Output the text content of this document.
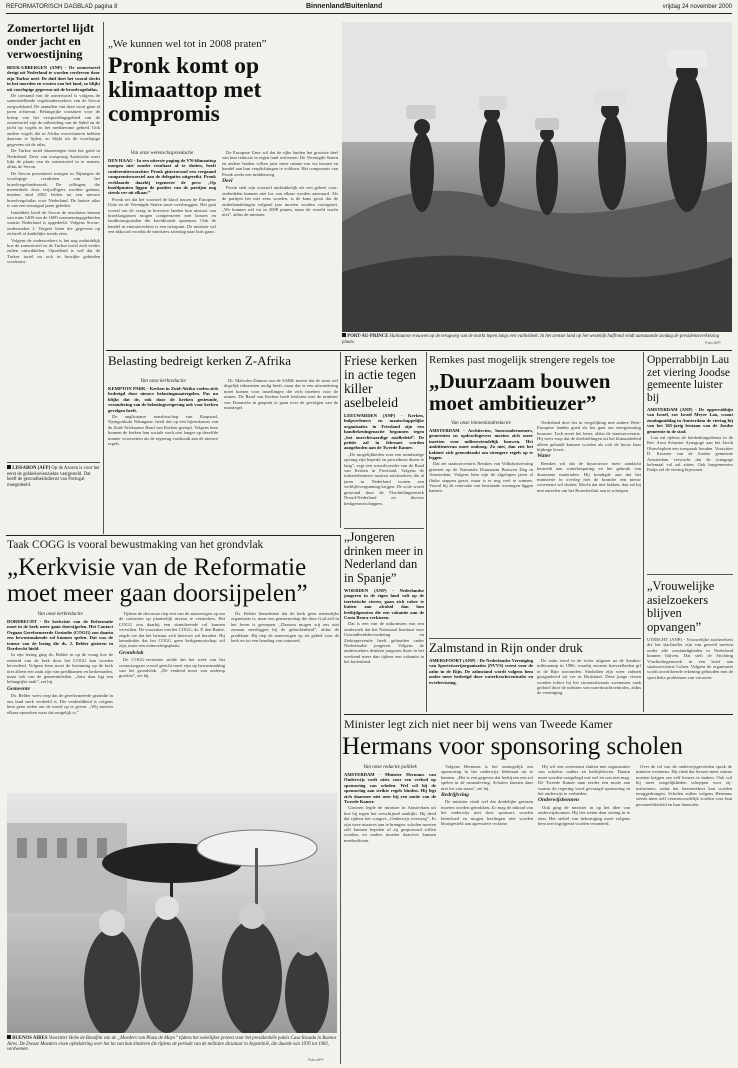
REFORMATORISCH DAGBLAD pagina 8	Binnenland/Buitenland	vrijdag 24 november 2000
Zomertortel lijdt onder jacht en verwoestijning

BEEK-UBBERGEN (ANP) - De zomertortel dreigt uit Nederland te worden verdreven door zijn Turkse neef. De duif doet het vooral slecht in het noorden en westen van het land, zo blijkt uit voorlopige gegevens uit de broedvogelatlas.

De toestand van de zomertortel is volgens de samenstellende vogelonderzoekers van de Sovon zorgwekkend. De aantallen van deze soort gaan al jaren achteruit. Belangrijke oorzaken voor de krimp van het verspreidingsgebied van de zomertortel zijn de uitbreiding van de Sahel en de jacht op vogels in het mediterrane gebied. Ook andere vogels die in Afrika overwinteren hebben daarvan te lijden, zo blijkt uit de voorlopige gegevens uit de atlas.

De Turkse tortel daarentegen doet het goed in Nederland. Deze van oorsprong Aziatische soort lijkt de plaats van de zomertortel in te nemen, aldus de Sovon.

De Sovon presenteert morgen in Nijmegen de voorlopige resultaten van het broedvogelonderzoek. De tellingen, die merendeels door vrijwilligers worden gedaan, moeten eind 2002 leiden tot een nieuwe broedvogelatlas voor Nederland. De laatste atlas is van een twintigtal jaren geleden.

Inmiddels heeft de Sovon de resultaten binnen van ruim 1400 van de 1600 waarnemingsgebieden waarin Nederland is opgedeeld. Volgens Sovon-onderzoeker J. Vergeer laten die gegevens op zichzelf al duidelijke trends zien.

Volgens de onderzoekers is het nog onduidelijk hoe de zomertortel en de Turkse tortel zich verder zullen ontwikkelen. Opvallend is wel dat de Turkse tortel nu ook in bosrijke gebieden voorkomt.

LISSABON (AFP) Op de Azoren is voor het eerst de gekkekoeienziekte vastgesteld. Dat heeft de gezondheidsdienst van Portugal meegedeeld.
„We kunnen wel tot in 2008 praten”
Pronk komt op klimaattop met compromis
Van onze wetenschapsredactie

DEN HAAG - In een uiterste poging de VN-klimaattop morgen niet zonder resultaat af te sluiten, heeft conferentievoorzitter Pronk gisteravond een vergaand compromisvoorstel aan de delegaties uitgereikt. Pronk verklaarde daarbij tegenover de pers: „Op hoofdpunten liggen de posities van de partijen nog steeds ver uit elkaar.”

Pronk zei dat het voorstel de kloof tussen de Europese Unie en de Verenigde Staten moet overbruggen. Het gaat vooral om de vraag in hoeverre landen hun uitstoot van broeikasgassen mogen compenseren met bossen en landbouwgronden die kooldioxide opnemen. Ook de handel in emissierechten is een twistpunt. De minister wil een akkoord voordat de ministers zaterdag naar huis gaan.

De Europese Unie wil dat de rijke landen het grootste deel van hun reductie in eigen land realiseren. De Verenigde Staten en andere landen willen juist meer ruimte om via bossen en handel aan hun verplichtingen te voldoen. Het compromis van Pronk zoekt een middenweg.

Deel

Pronk stelt zijn voorstel uitdrukkelijk als een geheel voor: onderdelen kunnen niet los van elkaar worden aanvaard. Als de partijen het niet eens worden, is de kans groot dat de onderhandelingen volgend jaar moeten worden voortgezet. „We kunnen wel tot in 2008 praten, maar de wereld wacht niet”, aldus de minister.

PORT-AU-PRINCE Haïtiaanse vrouwen op de terugweg van de markt lopen langs een vuilnisbelt. In het armste land op het westelijk halfrond vindt aanstaande zondag de presidentsverkiezing plaats.	Foto AFP
Belasting bedreigt kerken Z-Afrika
Van onze kerkredactie

KEMPTON PARK - Kerken in Zuid-Afrika voelen zich bedreigd door nieuwe belastingmaatregelen. Pas nu blijkt dat de, ook door de kerken gesteunde, verandering van de belastingwetgeving ook voor kerken gevolgen heeft.

De anglicaanse aartsbisschop van Kaapstad, Njongonkulu Ndungane, heeft dat op een bijeenkomst van de Zuid-Afrikaanse Raad van Kerken gezegd. Volgens hem kunnen de kerken hun sociale werk niet langer op dezelfde manier voortzetten als de regering vasthoudt aan de nieuwe regels.

Dr. Malcolm Damon van de SARK meent dat de staat wel degelijk inkomsten nodig heeft, maar dat er een uitzondering moet komen voor instellingen die zich inzetten voor de armen. De Raad van Kerken heeft besloten met de minister van Financiën in gesprek te gaan over de gevolgen van de maatregel.

Friese kerken in actie tegen killer aselbeleid

LEEUWARDEN (ANP) - Kerken, hulpverleners en maatschappelijke organisaties in Friesland zijn een handtekeningenactie begonnen tegen „het onrechtvaardige asielbeleid”. De petitie zal in februari worden aangeboden aan de Tweede Kamer.

„De mogelijkheden voor een ruimhartige opvang zijn beperkt en procedures duren te lang”, zegt een woordvoerder van de Raad van Kerken in Friesland. Volgens de initiatiefnemers moeten asielzoekers die al jaren in Nederland wonen een verblijfsvergunning krijgen. De actie wordt gesteund door de Vluchtelingenwerk Noord-Nederland en diverse kerkgenootschappen.

Remkes past mogelijk strengere regels toe
„Duurzaam bouwen moet ambitieuzer”
Van onze binnenlandredactie

AMSTERDAM - Architecten, bouwondernemers, gemeenten en opdrachtgevers moeten zich meer inzetten voor milieuvriendelijk bouwen. Het ambitieniveau moet omhoog. Zo niet, dan ziet het kabinet zich genoodzaakt om strengere regels op te leggen.

Dat zei staatssecretaris Remkes van Volkshuisvesting gisteren op de Nationale Duurzaam Bouwen Dag in Amsterdam. Volgens hem zijn de afgelopen jaren al flinke stappen gezet, maar is er nog veel te winnen. Vooral bij de renovatie van bestaande woningen liggen kansen.

Nederland doet het in vergelijking met andere West-Europese landen goed als het gaat om energiezuinig bouwen. Toch moet het beter, aldus de staatssecretaris. Hij wees erop dat de doelstellingen uit het klimaatbeleid alleen gehaald kunnen worden als ook de bouw haar bijdrage levert.

Water

Remkes wil dat de bouwsector meer aandacht besteedt aan waterbesparing en het gebruik van duurzame materialen. Hij kondigde aan dat het ministerie in overleg met de branche een nieuw convenant wil sluiten. Mocht dat niet lukken, dan zal hij niet aarzelen om het Bouwbesluit aan te scherpen.

Opperrabbijn Lau zet viering Joodse gemeente luister bij

AMSTERDAM (ANP) - De opperrabbijn van Israël, rav Israël Meyer Lau, woont zondagmiddag in Amsterdam de viering bij van het 365-jarig bestaan van de Joodse gemeente in de stad.

Lau zal tijdens de herdenkingsdienst in de Rav Aron Schuster Synagoge aan het Jacob Obrechtplein een toespraak houden. Voorzitter D. Kessner van de Joodse gemeente Amsterdam verwacht dat de synagoge helemaal vol zal zitten. Ook burgemeester Patijn zal de viering bijwonen.

„Vrouwelijke asielzoekers blijven opvangen”

UTRECHT (ANP) - Vrouwelijke asielzoekers die het slachtoffer zijn van geweld moeten onder alle omstandigheden in Nederland kunnen blijven. Dat stelt de Stichting Vluchtelingenwerk in een brief aan staatssecretaris Cohen. Volgens de organisatie wordt onvoldoende rekening gehouden met de specifieke problemen van vrouwen.

„Jongeren drinken meer in Nederland dan in Spanje”

WOERDEN (ANP) - Nederlandse jongeren in de eigen land valt op de toeristische vieren, gaan zich vaker te buiten aan alcohol dan hun leeftijdgenoten die een vakantie aan de Costa Brava verkiezen.

Dat is een van de uitkomsten van een onderzoek dat het Nationaal Instituut voor Gezondheidsbevordering en Ziektepreventie heeft gehouden onder Nederlandse jongeren. Volgens de onderzoekers drinken jongeren thuis in het weekend meer dan tijdens een vakantie in het buitenland.

Zalmstand in Rijn onder druk

AMERSFOORT (ANP) - De Nederlandse Vereniging van Sportvisserijorganisaties (NVVS) vreest voor de zalm in de Rijn. De zalmstand wordt volgens hem onder meer bedreigd door waterkrachtcentrales en overbevissing.

De zalm werd in de rivier uitgezet na de Sandoz-milieuramp in 1986, waarbij enorme hoeveelheden gif in de Rijn stroomden. Sindsdien zijn weer zalmen gesignaleerd tot ver in Duitsland. Deze jonge vissen worden echter bij het stroomafwaarts zwemmen vaak gedood door de turbines van waterkrachtcentrales, aldus de vereniging.

Taak COGG is vooral bewustmaking van het grondvlak
„Kerkvisie van de Reformatie moet meer gaan doorsijpelen”
Van onze kerkredactie

DORDRECHT - De kerkvisie van de Reformatie moet in de kerk meer gaan doorsijpelen. Het Contact Orgaan Gereformeerde Gezindte (COGG) zou daarin een bewustmakende rol kunnen spelen. Dat was de teneur van de lezing die ds. J. Belder gisteren in Dordrecht hield.

In zijn lezing ging ds. Belder in op de vraag hoe de eenheid van de kerk door het COGG kan worden bevorderd. Volgens hem moet de bezinning op de kerk niet alleen een zaak zijn van predikanten en kerkenraden, maar ook van de gemeenteleden. „Juist daar ligt een belangrijke taak”, zei hij.

Gemeente

Ds. Belder wees erop dat de gereformeerde gezindte in ons land sterk verdeeld is. Die verdeeldheid is volgens hem geen reden om de moed op te geven. „Wij moeten elkaar opzoeken waar dat mogelijk is.”

Tijdens de discussie riep een van de aanwezigen op om de contacten op plaatselijk niveau te versterken. Het COGG zou daarbij een stimulerende rol kunnen vervullen. De voorzitter van het COGG, ds. P. den Butter, zegde toe dat het bestuur zich hierover zal beraden. Hij benadrukte dat het COGG geen kerkgenootschap wil zijn, maar een ontmoetingsplaats.

Grondvlak

De COGG-secretaris stelde dat het werk van het contactorgaan vooral gericht moet zijn op bewustmaking van het grondvlak. „De eenheid moet van onderop groeien”, zei hij.

Ds. Belder benadrukte dat de kerk geen menselijke organisatie is, maar een gemeenschap die door God zelf in het leven is geroepen. „Daarom mogen wij ons niet zomaar neerleggen bij de gebrokenheid”, aldus de predikant. Hij riep de aanwezigen op tot gebed voor de kerk en tot een houding van ootmoed.

BUENOS AIRES Voorzitter Hebe de Bonafini van de „Moeders van Plaza de Mayo” tijdens het wekelijkse protest voor het presidentiële paleis Casa Rosada in Buenos Aires. De Dwaze Moeders eisen opheldering over het lot van hun kinderen die tijdens de periode van de militaire dictatuur in Argentinië, die duurde van 1976 tot 1983, verdwenen.
Foto AFP
Minister legt zich niet neer bij wens van Tweede Kamer
Hermans voor sponsoring scholen
Van onze redactie politiek

AMSTERDAM - Minister Hermans van Onderwijs voelt niets voor een verbod op sponsoring van scholen. Wel wil hij de sponsoring aan strikte regels binden. Hij legt zich daarmee niet neer bij een motie van de Tweede Kamer.

Gisteren legde de minister in Amsterdam uit hoe hij tegen het verschijnsel aankijkt. Hij deed dat tijdens het congres „Onderwijs overweg”. Er zijn twee nuances aan te brengen: scholen moeten zelf kunnen bepalen of zij gesponsord willen worden, en ouders moeten daarover kunnen meebeslissen.

Volgens Hermans is het onmogelijk om sponsoring in het onderwijs helemaal uit te bannen. „Het is een gegeven dat bedrijven een rol spelen in de samenleving. Scholen kunnen daar niet los van staan”, zei hij.

Bedrijfsvlag

De minister vindt wel dat duidelijke grenzen moeten worden getrokken. Zo mag de inhoud van het onderwijs niet door sponsors worden beïnvloed en mogen leerlingen niet worden blootgesteld aan agressieve reclame.

Hij wil een convenant sluiten met organisaties van scholen, ouders en bedrijfsleven. Daarin moet worden vastgelegd wat wel en wat niet mag. De Tweede Kamer nam eerder een motie aan waarin de regering werd gevraagd sponsoring in het onderwijs te verbieden.

Onderwijsbonnen

Ook ging de minister in op het idee van onderwijsbonnen. Hij liet weten daar weinig in te zien. Het stelsel van bekostiging moet volgens hem niet ingrijpend worden veranderd.

Over de rol van de onderwijsgevenden sprak de minister eveneens. Hij vindt dat leraren meer ruimte moeten krijgen om zelf keuzes te maken. Ook wil hij meer mogelijkheden scheppen voor zij-instromers, zodat het lerarentekort kan worden teruggedrongen. Scholen zullen volgens Hermans steeds meer zelf verantwoordelijk worden voor hun personeelsbeleid en hun financiën.
